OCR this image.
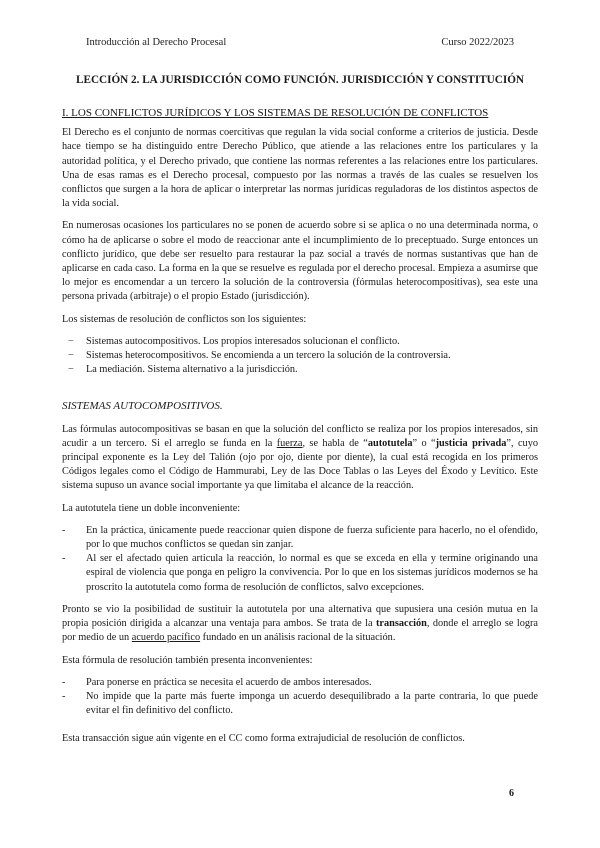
Introducción al Derecho Procesal	Curso 2022/2023
LECCIÓN 2. LA JURISDICCIÓN COMO FUNCIÓN. JURISDICCIÓN Y CONSTITUCIÓN
I. LOS CONFLICTOS JURÍDICOS Y LOS SISTEMAS DE RESOLUCIÓN DE CONFLICTOS

El Derecho es el conjunto de normas coercitivas que regulan la vida social conforme a criterios de justicia. Desde hace tiempo se ha distinguido entre Derecho Público, que atiende a las relaciones entre los particulares y la autoridad política, y el Derecho privado, que contiene las normas referentes a las relaciones entre los particulares. Una de esas ramas es el Derecho procesal, compuesto por las normas a través de las cuales se resuelven los conflictos que surgen a la hora de aplicar o interpretar las normas jurídicas reguladoras de los distintos aspectos de la vida social.

En numerosas ocasiones los particulares no se ponen de acuerdo sobre si se aplica o no una determinada norma, o cómo ha de aplicarse o sobre el modo de reaccionar ante el incumplimiento de lo preceptuado. Surge entonces un conflicto jurídico, que debe ser resuelto para restaurar la paz social a través de normas sustantivas que han de aplicarse en cada caso. La forma en la que se resuelve es regulada por el derecho procesal. Empieza a asumirse que lo mejor es encomendar a un tercero la solución de la controversia (fórmulas heterocompositivas), sea este una persona privada (arbitraje) o el propio Estado (jurisdicción).

Los sistemas de resolución de conflictos son los siguientes:

− Sistemas autocompositivos. Los propios interesados solucionan el conflicto.
− Sistemas heterocompositivos. Se encomienda a un tercero la solución de la controversia.
− La mediación. Sistema alternativo a la jurisdicción.
SISTEMAS AUTOCOMPOSITIVOS.

Las fórmulas autocompositivas se basan en que la solución del conflicto se realiza por los propios interesados, sin acudir a un tercero. Si el arreglo se funda en la fuerza, se habla de “autotutela” o “justicia privada”, cuyo principal exponente es la Ley del Talión (ojo por ojo, diente por diente), la cual está recogida en los primeros Códigos legales como el Código de Hammurabi, Ley de las Doce Tablas o las Leyes del Éxodo y Levítico. Este sistema supuso un avance social importante ya que limitaba el alcance de la reacción.

La autotutela tiene un doble inconveniente:

- En la práctica, únicamente puede reaccionar quien dispone de fuerza suficiente para hacerlo, no el ofendido, por lo que muchos conflictos se quedan sin zanjar.
- Al ser el afectado quien articula la reacción, lo normal es que se exceda en ella y termine originando una espiral de violencia que ponga en peligro la convivencia. Por lo que en los sistemas jurídicos modernos se ha proscrito la autotutela como forma de resolución de conflictos, salvo excepciones.

Pronto se vio la posibilidad de sustituir la autotutela por una alternativa que supusiera una cesión mutua en la propia posición dirigida a alcanzar una ventaja para ambos. Se trata de la transacción, donde el arreglo se logra por medio de un acuerdo pacífico fundado en un análisis racional de la situación.

Esta fórmula de resolución también presenta inconvenientes:

- Para ponerse en práctica se necesita el acuerdo de ambos interesados.
- No impide que la parte más fuerte imponga un acuerdo desequilibrado a la parte contraria, lo que puede evitar el fin definitivo del conflicto.

Esta transacción sigue aún vigente en el CC como forma extrajudicial de resolución de conflictos.

6
